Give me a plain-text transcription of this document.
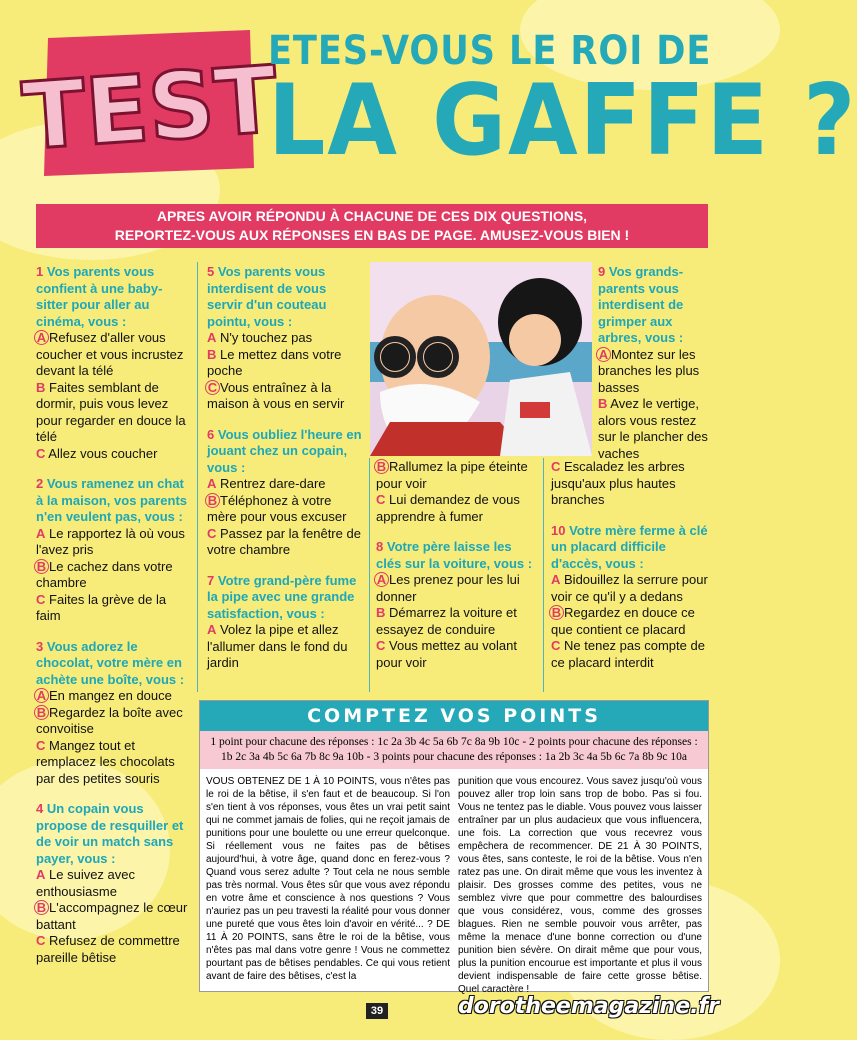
TEST
ETES-VOUS LE ROI DE
LA GAFFE ?
APRES AVOIR RÉPONDU À CHACUNE DE CES DIX QUESTIONS,
REPORTEZ-VOUS AUX RÉPONSES EN BAS DE PAGE. AMUSEZ-VOUS BIEN !
1 Vos parents vous confient à une baby-sitter pour aller au cinéma, vous :
A Refusez d'aller vous coucher et vous incrustez devant la télé
B Faites semblant de dormir, puis vous levez pour regarder en douce la télé
C Allez vous coucher
2 Vous ramenez un chat à la maison, vos parents n'en veulent pas, vous :
A Le rapportez là où vous l'avez pris
B Le cachez dans votre chambre
C Faites la grève de la faim
3 Vous adorez le chocolat, votre mère en achète une boîte, vous :
A En mangez en douce
B Regardez la boîte avec convoitise
C Mangez tout et remplacez les chocolats par des petites souris
4 Un copain vous propose de resquiller et de voir un match sans payer, vous :
A Le suivez avec enthousiasme
B L'accompagnez le cœur battant
C Refusez de commettre pareille bêtise
5 Vos parents vous interdisent de vous servir d'un couteau pointu, vous :
A N'y touchez pas
B Le mettez dans votre poche
C Vous entraînez à la maison à vous en servir
6 Vous oubliez l'heure en jouant chez un copain, vous :
A Rentrez dare-dare
B Téléphonez à votre mère pour vous excuser
C Passez par la fenêtre de votre chambre
7 Votre grand-père fume la pipe avec une grande satisfaction, vous :
A Volez la pipe et allez l'allumer dans le fond du jardin
B Rallumez la pipe éteinte pour voir
C Lui demandez de vous apprendre à fumer
8 Votre père laisse les clés sur la voiture, vous :
A Les prenez pour les lui donner
B Démarrez la voiture et essayez de conduire
C Vous mettez au volant pour voir
9 Vos grands-parents vous interdisent de grimper aux arbres, vous :
A Montez sur les branches les plus basses
B Avez le vertige, alors vous restez sur le plancher des vaches
C Escaladez les arbres jusqu'aux plus hautes branches
10 Votre mère ferme à clé un placard difficile d'accès, vous :
A Bidouillez la serrure pour voir ce qu'il y a dedans
B Regardez en douce ce que contient ce placard
C Ne tenez pas compte de ce placard interdit
COMPTEZ VOS POINTS
1 point pour chacune des réponses : 1c 2a 3b 4c 5a 6b 7c 8a 9b 10c - 2 points pour chacune des réponses :
1b 2c 3a 4b 5c 6a 7b 8c 9a 10b - 3 points pour chacune des réponses : 1a 2b 3c 4a 5b 6c 7a 8b 9c 10a
VOUS OBTENEZ DE 1 À 10 POINTS, vous n'êtes pas le roi de la bêtise, il s'en faut et de beaucoup. Si l'on s'en tient à vos réponses, vous êtes un vrai petit saint qui ne commet jamais de folies, qui ne reçoit jamais de punitions pour une boulette ou une erreur quelconque. Si réellement vous ne faites pas de bêtises aujourd'hui, à votre âge, quand donc en ferez-vous ? Quand vous serez adulte ? Tout cela ne nous semble pas très normal. Vous êtes sûr que vous avez répondu en votre âme et conscience à nos questions ? Vous n'auriez pas un peu travesti la réalité pour vous donner une pureté que vous êtes loin d'avoir en vérité... ? DE 11 À 20 POINTS, sans être le roi de la bêtise, vous n'êtes pas mal dans votre genre ! Vous ne commettez pourtant pas de bêtises pendables. Ce qui vous retient avant de faire des bêtises, c'est la
punition que vous encourez. Vous savez jusqu'où vous pouvez aller trop loin sans trop de bobo. Pas si fou. Vous ne tentez pas le diable. Vous pouvez vous laisser entraîner par un plus audacieux que vous influencera, une fois. La correction que vous recevrez vous empêchera de recommencer. DE 21 À 30 POINTS, vous êtes, sans conteste, le roi de la bêtise. Vous n'en ratez pas une. On dirait même que vous les inventez à plaisir. Des grosses comme des petites, vous ne semblez vivre que pour commettre des balourdises que vous considérez, vous, comme des grosses blagues. Rien ne semble pouvoir vous arrêter, pas même la menace d'une bonne correction ou d'une punition bien sévère. On dirait même que pour vous, plus la punition encourue est importante et plus il vous devient indispensable de faire cette grosse bêtise. Quel caractère !
39	dorotheemagazine.fr
